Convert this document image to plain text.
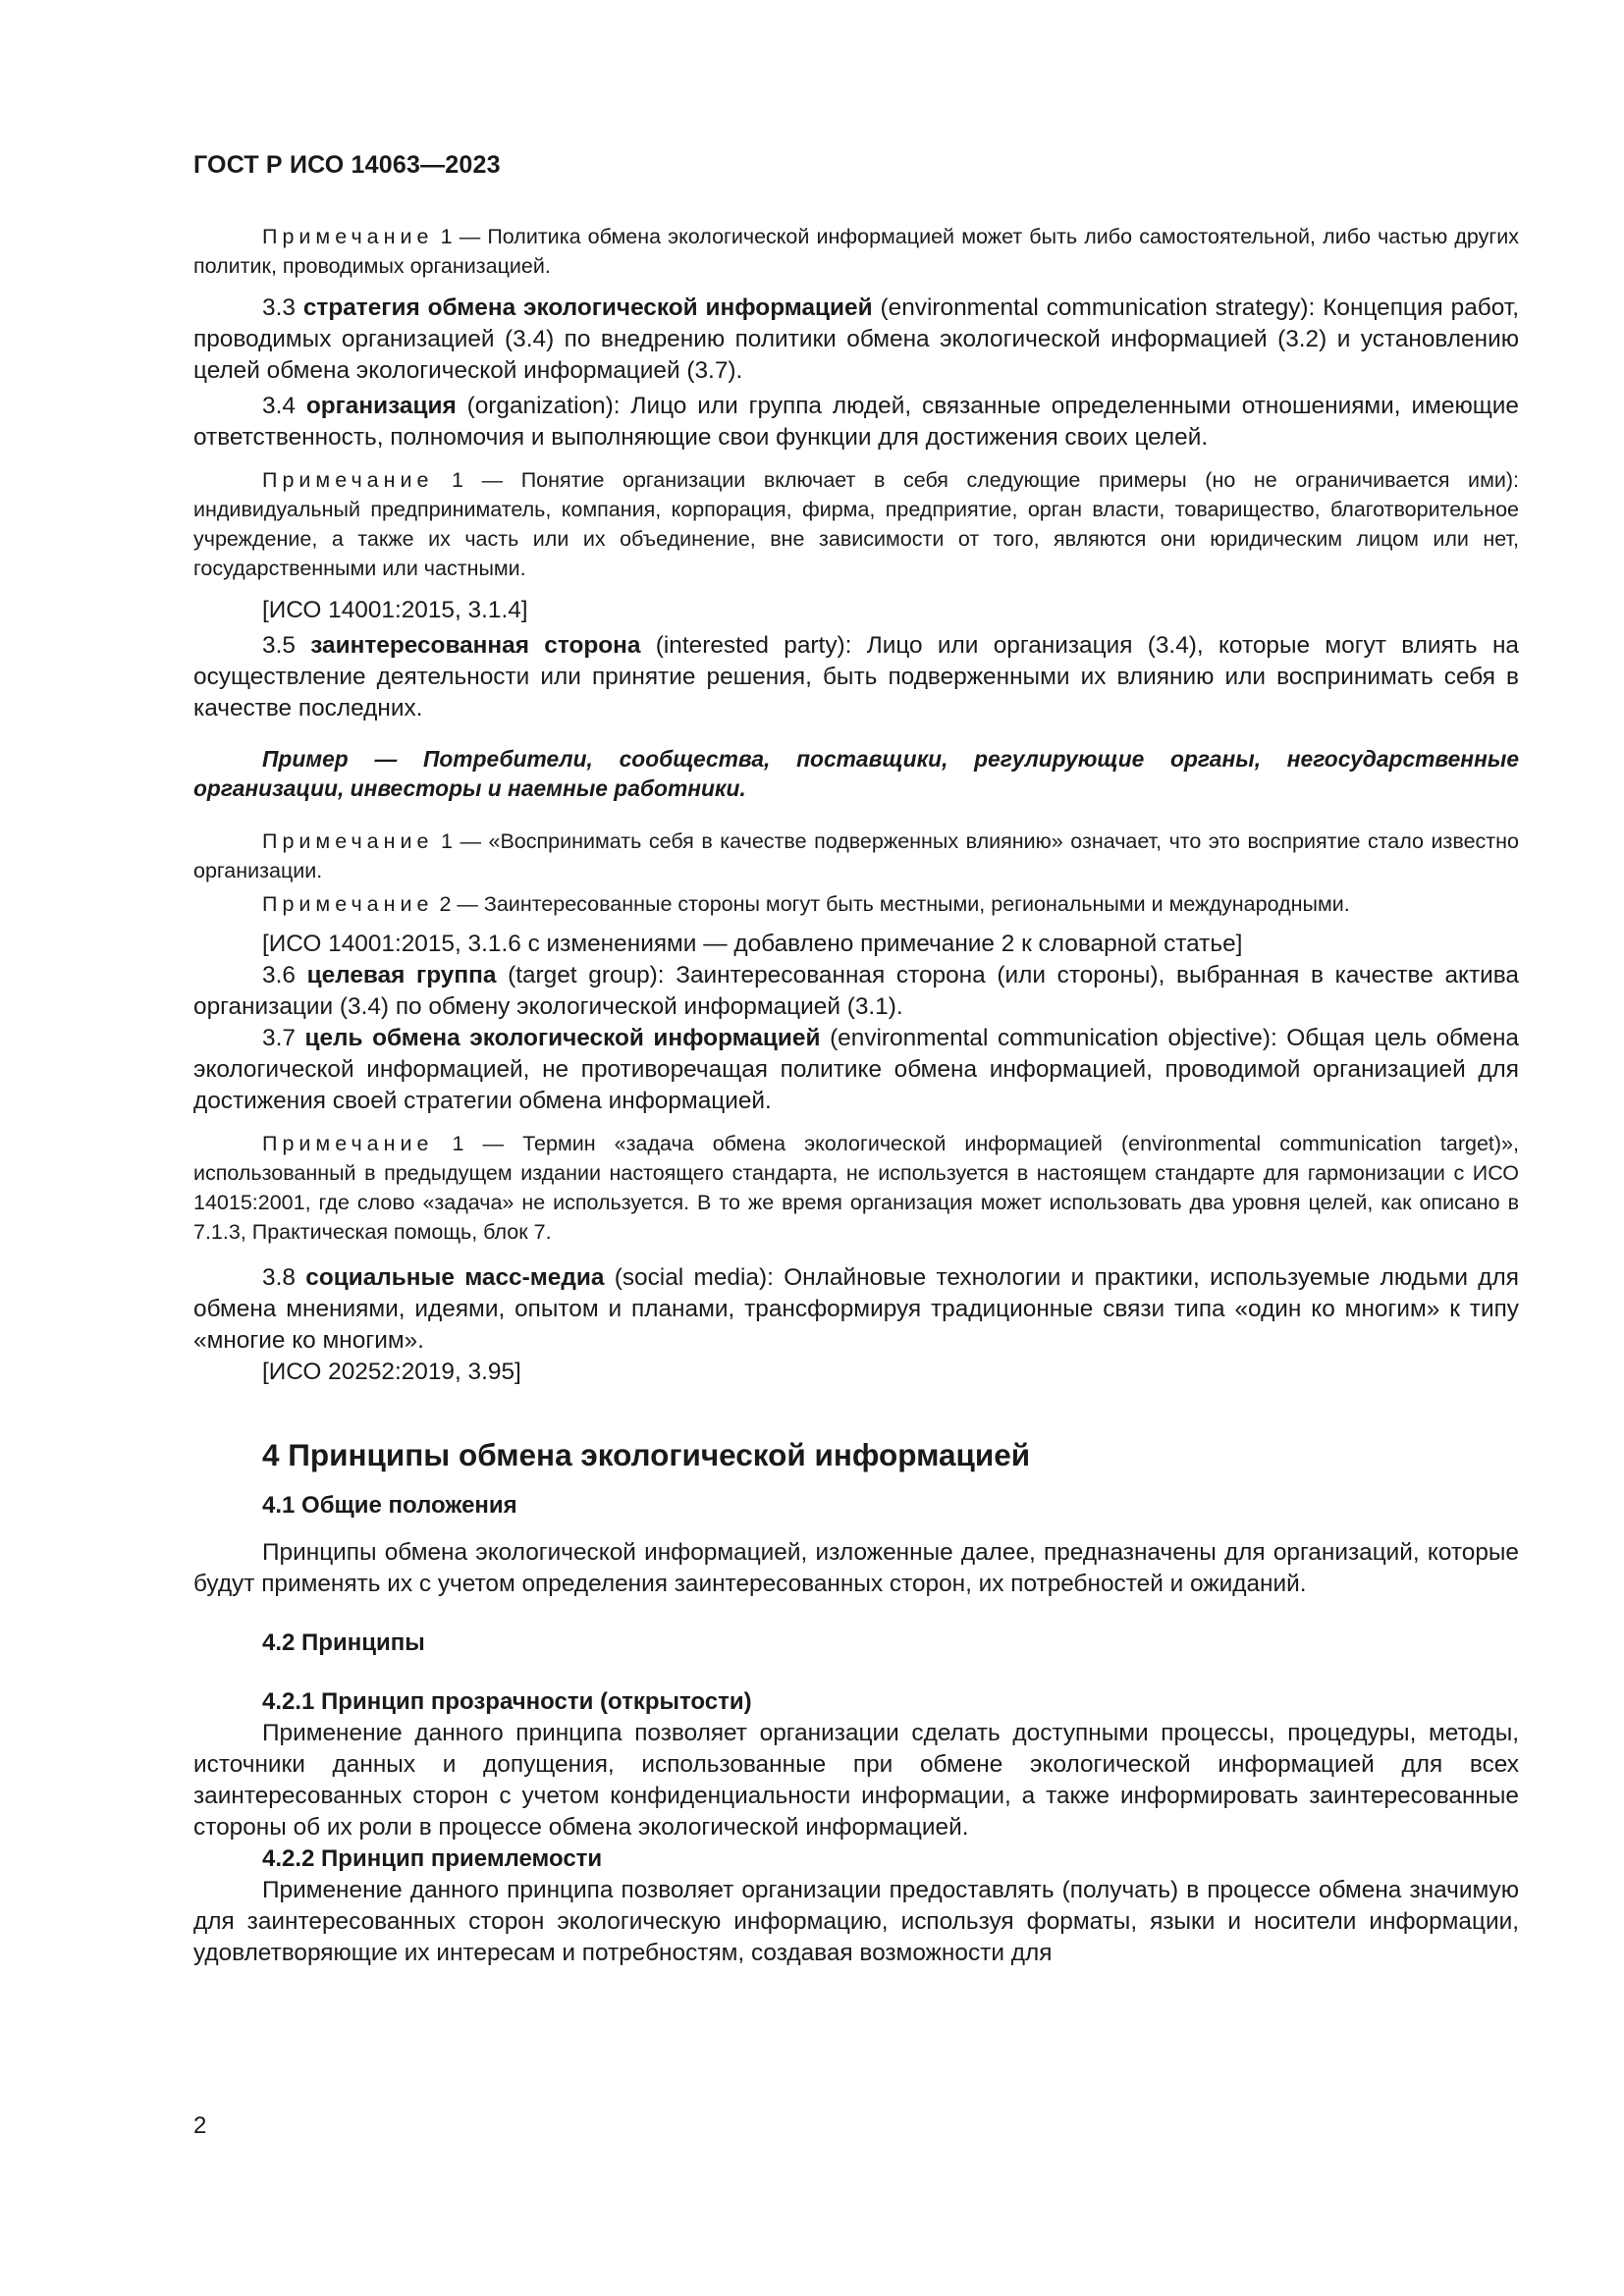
ГОСТ Р ИСО 14063—2023

Примечание 1 — Политика обмена экологической информацией может быть либо самостоятельной, либо частью других политик, проводимых организацией.

3.3 стратегия обмена экологической информацией (environmental communication strategy): Концепция работ, проводимых организацией (3.4) по внедрению политики обмена экологической информацией (3.2) и установлению целей обмена экологической информацией (3.7).

3.4 организация (organization): Лицо или группа людей, связанные определенными отношениями, имеющие ответственность, полномочия и выполняющие свои функции для достижения своих целей.

Примечание 1 — Понятие организации включает в себя следующие примеры (но не ограничивается ими): индивидуальный предприниматель, компания, корпорация, фирма, предприятие, орган власти, товарищество, благотворительное учреждение, а также их часть или их объединение, вне зависимости от того, являются они юридическим лицом или нет, государственными или частными.

[ИСО 14001:2015, 3.1.4]

3.5 заинтересованная сторона (interested party): Лицо или организация (3.4), которые могут влиять на осуществление деятельности или принятие решения, быть подверженными их влиянию или воспринимать себя в качестве последних.

Пример — Потребители, сообщества, поставщики, регулирующие органы, негосударственные организации, инвесторы и наемные работники.

Примечание 1 — «Воспринимать себя в качестве подверженных влиянию» означает, что это восприятие стало известно организации.

Примечание 2 — Заинтересованные стороны могут быть местными, региональными и международными.

[ИСО 14001:2015, 3.1.6 с изменениями — добавлено примечание 2 к словарной статье]

3.6 целевая группа (target group): Заинтересованная сторона (или стороны), выбранная в качестве актива организации (3.4) по обмену экологической информацией (3.1).

3.7 цель обмена экологической информацией (environmental communication objective): Общая цель обмена экологической информацией, не противоречащая политике обмена информацией, проводимой организацией для достижения своей стратегии обмена информацией.

Примечание 1 — Термин «задача обмена экологической информацией (environmental communication target)», использованный в предыдущем издании настоящего стандарта, не используется в настоящем стандарте для гармонизации с ИСО 14015:2001, где слово «задача» не используется. В то же время организация может использовать два уровня целей, как описано в 7.1.3, Практическая помощь, блок 7.

3.8 социальные масс-медиа (social media): Онлайновые технологии и практики, используемые людьми для обмена мнениями, идеями, опытом и планами, трансформируя традиционные связи типа «один ко многим» к типу «многие ко многим».

[ИСО 20252:2019, 3.95]

4 Принципы обмена экологической информацией
4.1 Общие положения

Принципы обмена экологической информацией, изложенные далее, предназначены для организаций, которые будут применять их с учетом определения заинтересованных сторон, их потребностей и ожиданий.

4.2 Принципы
4.2.1 Принцип прозрачности (открытости)

Применение данного принципа позволяет организации сделать доступными процессы, процедуры, методы, источники данных и допущения, использованные при обмене экологической информацией для всех заинтересованных сторон с учетом конфиденциальности информации, а также информировать заинтересованные стороны об их роли в процессе обмена экологической информацией.

4.2.2 Принцип приемлемости

Применение данного принципа позволяет организации предоставлять (получать) в процессе обмена значимую для заинтересованных сторон экологическую информацию, используя форматы, языки и носители информации, удовлетворяющие их интересам и потребностям, создавая возможности для

2
